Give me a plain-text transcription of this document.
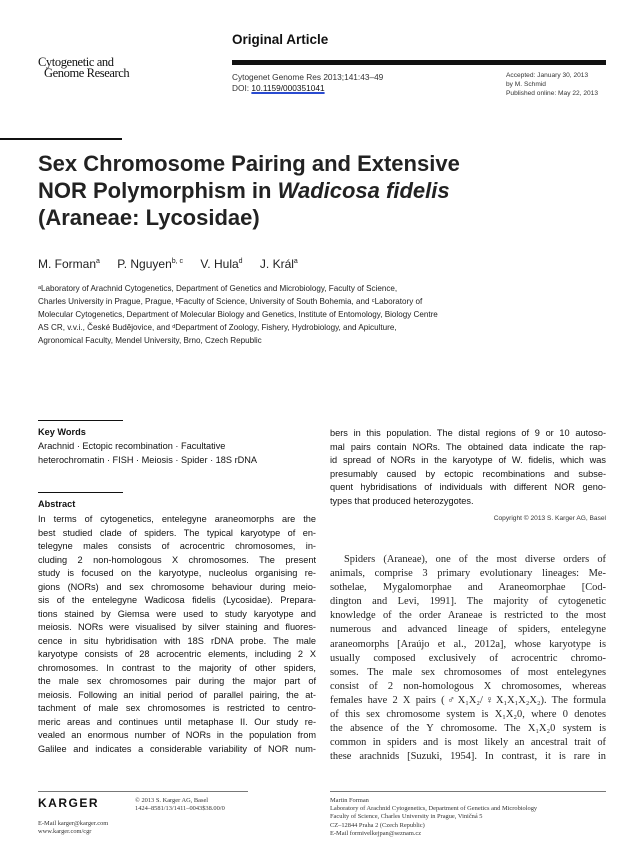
Cytogenetic and
Genome Research
Original Article
Cytogenet Genome Res 2013;141:43–49
DOI: 10.1159/000351041
Accepted: January 30, 2013
by M. Schmid
Published online: May 22, 2013
Sex Chromosome Pairing and Extensive
NOR Polymorphism in Wadicosa fidelis
(Araneae: Lycosidae)
M. Forman$^a$ P. Nguyen$^{b, c}$ V. Hula$^d$ J. Král$^a$
ᵃLaboratory of Arachnid Cytogenetics, Department of Genetics and Microbiology, Faculty of Science,
Charles University in Prague, Prague, ᵇFaculty of Science, University of South Bohemia, and ᶜLaboratory of
Molecular Cytogenetics, Department of Molecular Biology and Genetics, Institute of Entomology, Biology Centre
AS CR, v.v.i., České Budějovice, and ᵈDepartment of Zoology, Fishery, Hydrobiology, and Apiculture,
Agronomical Faculty, Mendel University, Brno, Czech Republic
Key Words
Arachnid · Ectopic recombination · Facultative
heterochromatin · FISH · Meiosis · Spider · 18S rDNA
Abstract
In terms of cytogenetics, entelegyne araneomorphs are the
best studied clade of spiders. The typical karyotype of en-
telegyne males consists of acrocentric chromosomes, in-
cluding 2 non-homologous X chromosomes. The present
study is focused on the karyotype, nucleolus organising re-
gions (NORs) and sex chromosome behaviour during meio-
sis of the entelegyne Wadicosa fidelis (Lycosidae). Prepara-
tions stained by Giemsa were used to study karyotype and
meiosis. NORs were visualised by silver staining and fluores-
cence in situ hybridisation with 18S rDNA probe. The male
karyotype consists of 28 acrocentric elements, including 2 X
chromosomes. In contrast to the majority of other spiders,
the male sex chromosomes pair during the major part of
meiosis. Following an initial period of parallel pairing, the at-
tachment of male sex chromosomes is restricted to centro-
meric areas and continues until metaphase II. Our study re-
vealed an enormous number of NORs in the population from
Galilee and indicates a considerable variability of NOR num-
bers in this population. The distal regions of 9 or 10 autoso-
mal pairs contain NORs. The obtained data indicate the rap-
id spread of NORs in the karyotype of W. fidelis, which was
presumably caused by ectopic recombinations and subse-
quent hybridisations of individuals with different NOR geno-
types that produced heterozygotes.
Copyright © 2013 S. Karger AG, Basel
Spiders (Araneae), one of the most diverse orders of
animals, comprise 3 primary evolutionary lineages: Me-
sothelae, Mygalomorphae and Araneomorphae [Cod-
dington and Levi, 1991]. The majority of cytogenetic
knowledge of the order Araneae is restricted to the most
numerous and advanced lineage of spiders, entelegyne
araneomorphs [Araújo et al., 2012a], whose karyotype is
usually composed exclusively of acrocentric chromo-
somes. The male sex chromosomes of most entelegynes
consist of 2 non-homologous X chromosomes, whereas
females have 2 X pairs (♂X₁X₂/♀X₁X₁X₂X₂). The formula
of this sex chromosome system is X₁X₂0, where 0 denotes
the absence of the Y chromosome. The X₁X₂0 system is
common in spiders and is most likely an ancestral trait of
these arachnids [Suzuki, 1954]. In contrast, it is rare in
KARGER
E-Mail karger@karger.com
www.karger.com/cgr
© 2013 S. Karger AG, Basel
1424–8581/13/1411–0043$38.00/0
Martin Forman
Laboratory of Arachnid Cytogenetics, Department of Genetics and Microbiology
Faculty of Science, Charles University in Prague, Viničná 5
CZ–12844 Praha 2 (Czech Republic)
E-Mail formivelkejpan@seznam.cz
